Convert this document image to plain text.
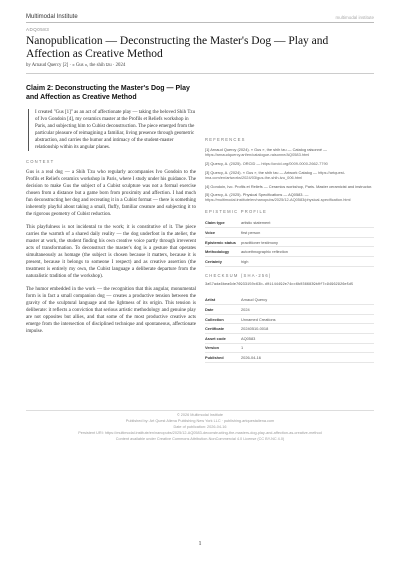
Multimodal Institute	multimodal institute
ADQ0583
Nanopublication — Deconstructing the Master's Dog — Play and Affection as Creative Method
by Arnaud Quercy [2] · « Gus », the shih tzu · 2024
Claim 2: Deconstructing the Master's Dog — Play and Affection as Creative Method
I created "Gus [1]" as an act of affectionate play — taking the beloved Shih Tzu of Ivo Gondoin [4], my ceramics master at the Profils et Reliefs workshop in Paris, and subjecting him to Cubist deconstruction. The piece emerged from the particular pleasure of reimagining a familiar, living presence through geometric abstraction, and carries the humor and intimacy of the student-master relationship within its angular planes.
CONTEXT

Gus is a real dog — a Shih Tzu who regularly accompanies Ivo Gondoin to the Profils et Reliefs ceramics workshop in Paris, where I study under his guidance. The decision to make Gus the subject of a Cubist sculpture was not a formal exercise chosen from a distance but a game born from proximity and affection. I had much fun deconstructing her dog and recreating it in a Cubist format — there is something inherently playful about taking a small, fluffy, familiar creature and subjecting it to the rigorous geometry of Cubist reduction.

This playfulness is not incidental to the work; it is constitutive of it. The piece carries the warmth of a shared daily reality — the dog underfoot in the atelier, the master at work, the student finding his own creative voice partly through irreverent acts of transformation. To deconstruct the master's dog is a gesture that operates simultaneously as homage (the subject is chosen because it matters, because it is present, because it belongs to someone I respect) and as creative assertion (the treatment is entirely my own, the Cubist language a deliberate departure from the naturalistic tradition of the workshop).

The humor embedded in the work — the recognition that this angular, monumental form is in fact a small companion dog — creates a productive tension between the gravity of the sculptural language and the lightness of its origin. This tension is deliberate: it reflects a conviction that serious artistic methodology and genuine play are not opposites but allies, and that some of the most productive creative acts emerge from the intersection of disciplined technique and spontaneous, affectionate impulse.

REFERENCES
[1] Arnaud Quercy (2024). « Gus », the shih tzu — Catalog raisonné — https://arnaudquercy.art/en/catalogue-raisonne/AQ0583.html
[2] Quercy, A. (2025). ORCID — https://orcid.org/0009-0000-2662-7790
[3] Quercy, A. (2024). « Gus », the shih tzu — Artwork Catalog — https://artquest-ima.com/en/artworks/2024/03/gus-the-shih-tzu_006.html
[4] Gondoin, Ivo. Profils et Reliefs — Ceramics workshop, Paris. Master ceramicist and instructor.
[5] Quercy, A. (2025). Physical Specifications — AQ0583. — https://multimodal.institute/en/nanopubs/2025/12-AQ0583/physical-specification.html
EPISTEMIC PROFILE
Claim type	artistic statement
Voice	first person
Epistemic status	practitioner testimony
Methodology	autoethnographic reflection
Certainty	high
CHECKSUM (SHA-256)
3a57ada6bea6de76933150c63b-d01144492e74cc6b0366839b0f7c94962926e5d5
Artist	Arnaud Quercy
Date	2024
Collection	Unnamed Creations
Certificate	20240510-0018
Asset code	AQ0583
Version	1
Published	2026-04-16
© 2026 Multimodal Institute
Published by: Art Quest Aliena Publishing New York LLC · publishing.artquestaliena.com
Date of publication: 2026-04-16
Persistent URI: https://multimodal.institute/en/nanopubs/2025/12-AQ0583-deconstructing-the-masters-dog-play-and-affection-as-creative-method
Content available under Creative Commons Attribution-NonCommercial 4.0 License (CC BY-NC 4.0)
1
